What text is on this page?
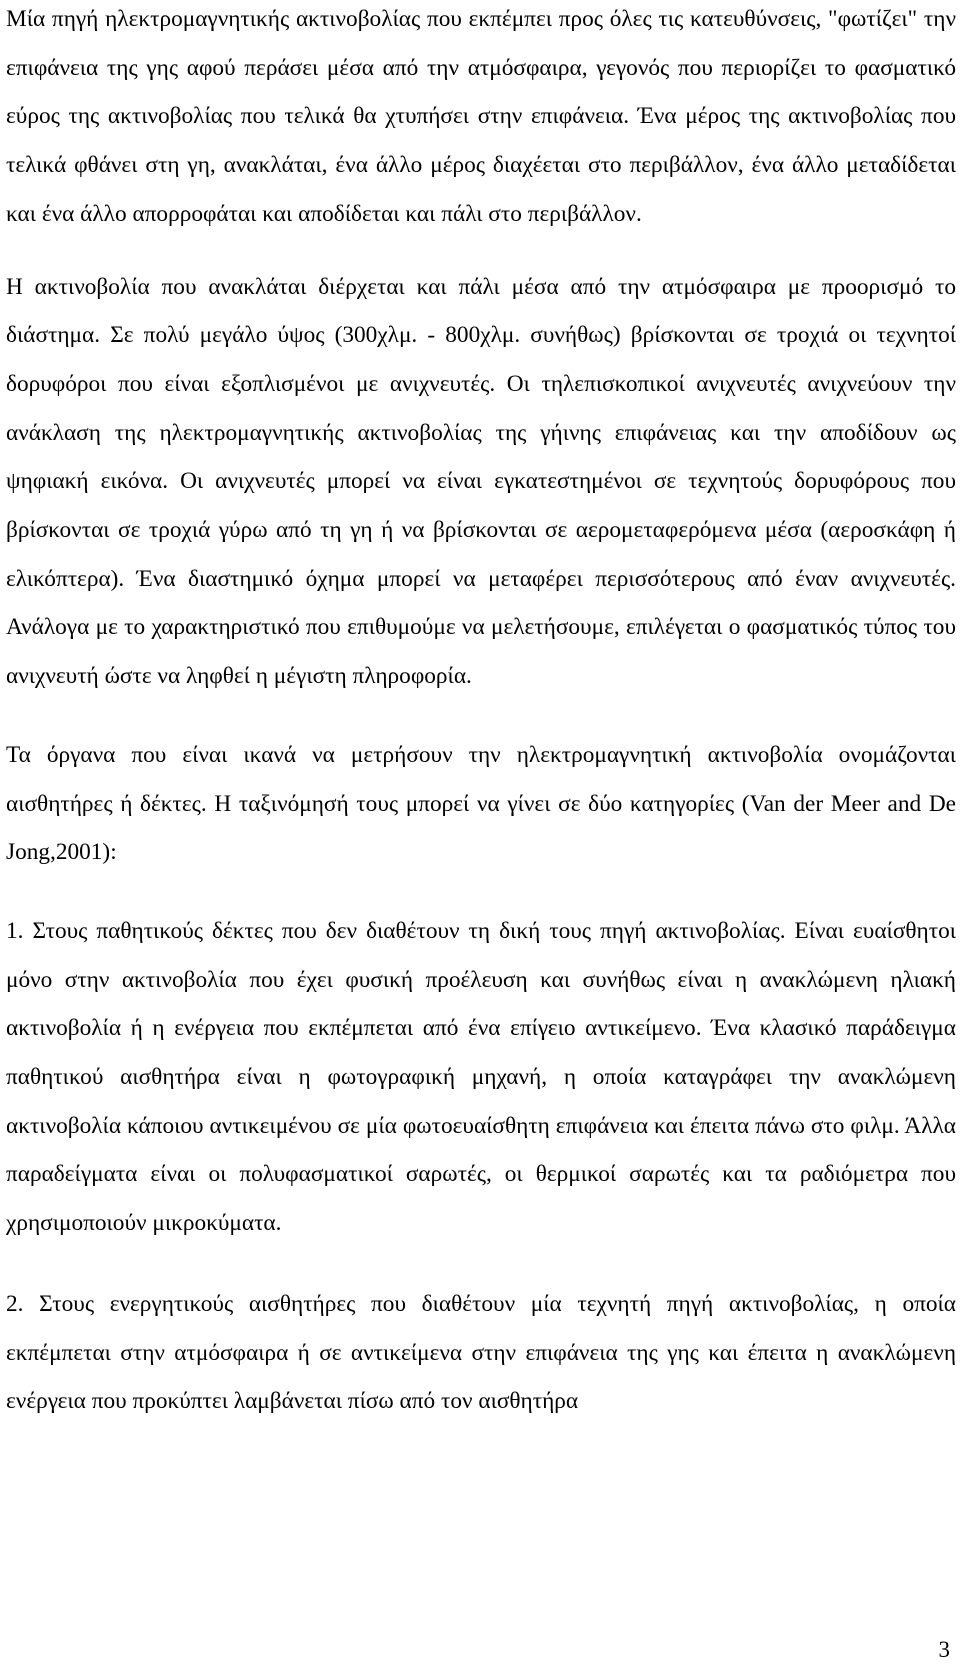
Μία πηγή ηλεκτρομαγνητικής ακτινοβολίας που εκπέμπει προς όλες τις κατευθύνσεις, "φωτίζει" την επιφάνεια της γης αφού περάσει μέσα από την ατμόσφαιρα, γεγονός που περιορίζει το φασματικό εύρος της ακτινοβολίας που τελικά θα χτυπήσει στην επιφάνεια. Ένα μέρος της ακτινοβολίας που τελικά φθάνει στη γη, ανακλάται, ένα άλλο μέρος διαχέεται στο περιβάλλον, ένα άλλο μεταδίδεται και ένα άλλο απορροφάται και αποδίδεται και πάλι στο περιβάλλον.

Η ακτινοβολία που ανακλάται διέρχεται και πάλι μέσα από την ατμόσφαιρα με προορισμό το διάστημα. Σε πολύ μεγάλο ύψος (300χλμ. - 800χλμ. συνήθως) βρίσκονται σε τροχιά οι τεχνητοί δορυφόροι που είναι εξοπλισμένοι με ανιχνευτές. Οι τηλεπισκοπικοί ανιχνευτές ανιχνεύουν την ανάκλαση της ηλεκτρομαγνητικής ακτινοβολίας της γήινης επιφάνειας και την αποδίδουν ως ψηφιακή εικόνα. Οι ανιχνευτές μπορεί να είναι εγκατεστημένοι σε τεχνητούς δορυφόρους που βρίσκονται σε τροχιά γύρω από τη γη ή να βρίσκονται σε αερομεταφερόμενα μέσα (αεροσκάφη ή ελικόπτερα). Ένα διαστημικό όχημα μπορεί να μεταφέρει περισσότερους από έναν ανιχνευτές. Ανάλογα με το χαρακτηριστικό που επιθυμούμε να μελετήσουμε, επιλέγεται ο φασματικός τύπος του ανιχνευτή ώστε να ληφθεί η μέγιστη πληροφορία.

Τα όργανα που είναι ικανά να μετρήσουν την ηλεκτρομαγνητική ακτινοβολία ονομάζονται αισθητήρες ή δέκτες. Η ταξινόμησή τους μπορεί να γίνει σε δύο κατηγορίες (Van der Meer and De Jong,2001):

1. Στους παθητικούς δέκτες που δεν διαθέτουν τη δική τους πηγή ακτινοβολίας. Είναι ευαίσθητοι μόνο στην ακτινοβολία που έχει φυσική προέλευση και συνήθως είναι η ανακλώμενη ηλιακή ακτινοβολία ή η ενέργεια που εκπέμπεται από ένα επίγειο αντικείμενο. Ένα κλασικό παράδειγμα παθητικού αισθητήρα είναι η φωτογραφική μηχανή, η οποία καταγράφει την ανακλώμενη ακτινοβολία κάποιου αντικειμένου σε μία φωτοευαίσθητη επιφάνεια και έπειτα πάνω στο φιλμ. Άλλα παραδείγματα είναι οι πολυφασματικοί σαρωτές, οι θερμικοί σαρωτές και τα ραδιόμετρα που χρησιμοποιούν μικροκύματα.

2. Στους ενεργητικούς αισθητήρες που διαθέτουν μία τεχνητή πηγή ακτινοβολίας, η οποία εκπέμπεται στην ατμόσφαιρα ή σε αντικείμενα στην επιφάνεια της γης και έπειτα η ανακλώμενη ενέργεια που προκύπτει λαμβάνεται πίσω από τον αισθητήρα

3
